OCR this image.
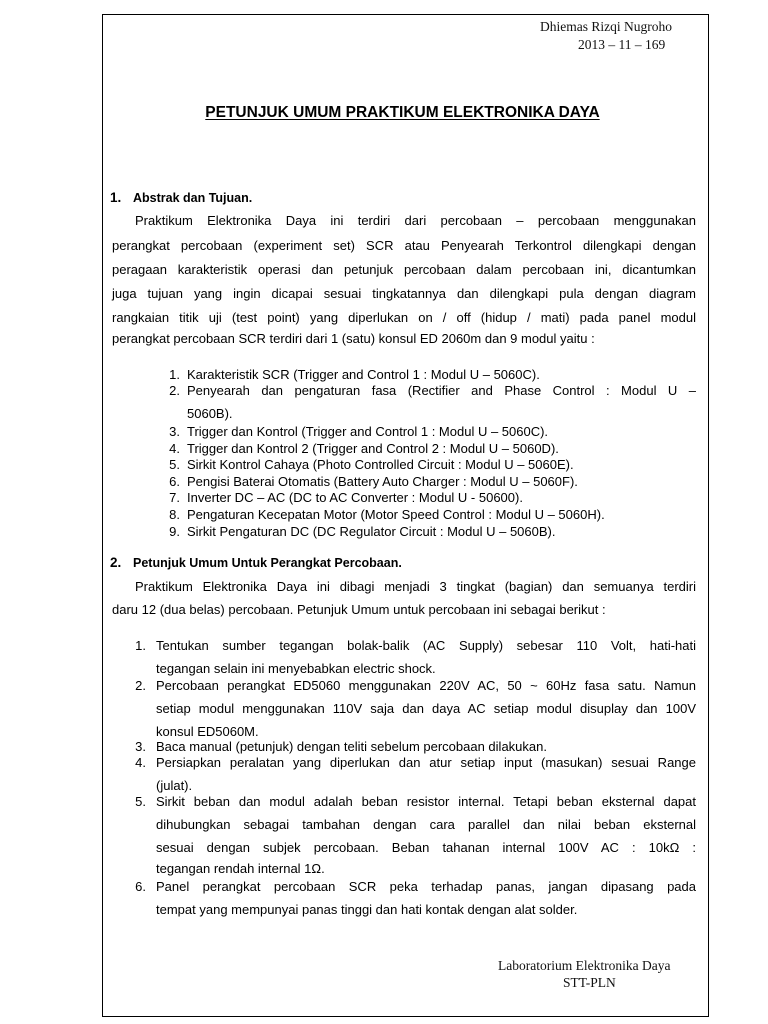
Dhiemas Rizqi Nugroho
2013 – 11 – 169
PETUNJUK UMUM PRAKTIKUM ELEKTRONIKA DAYA
1. Abstrak dan Tujuan.
Praktikum Elektronika Daya ini terdiri dari percobaan – percobaan menggunakan
perangkat percobaan (experiment set) SCR atau Penyearah Terkontrol dilengkapi dengan
peragaan karakteristik operasi dan petunjuk percobaan dalam percobaan ini, dicantumkan
juga tujuan yang ingin dicapai sesuai tingkatannya dan dilengkapi pula dengan diagram
rangkaian titik uji (test point) yang diperlukan on / off (hidup / mati) pada panel modul
perangkat percobaan SCR terdiri dari 1 (satu) konsul ED 2060m dan 9 modul yaitu :
1. Karakteristik SCR (Trigger and Control 1 : Modul U – 5060C).
2. Penyearah dan pengaturan fasa (Rectifier and Phase Control : Modul U –
5060B).
3. Trigger dan Kontrol (Trigger and Control 1 : Modul U – 5060C).
4. Trigger dan Kontrol 2 (Trigger and Control 2 : Modul U – 5060D).
5. Sirkit Kontrol Cahaya (Photo Controlled Circuit : Modul U – 5060E).
6. Pengisi Baterai Otomatis (Battery Auto Charger : Modul U – 5060F).
7. Inverter DC – AC (DC to AC Converter : Modul U - 50600).
8. Pengaturan Kecepatan Motor (Motor Speed Control : Modul U – 5060H).
9. Sirkit Pengaturan DC (DC Regulator Circuit : Modul U – 5060B).
2. Petunjuk Umum Untuk Perangkat Percobaan.
Praktikum Elektronika Daya ini dibagi menjadi 3 tingkat (bagian) dan semuanya terdiri
daru 12 (dua belas) percobaan. Petunjuk Umum untuk percobaan ini sebagai berikut :
1. Tentukan sumber tegangan bolak-balik (AC Supply) sebesar 110 Volt, hati-hati
tegangan selain ini menyebabkan electric shock.
2. Percobaan perangkat ED5060 menggunakan 220V AC, 50 ~ 60Hz fasa satu. Namun
setiap modul menggunakan 110V saja dan daya AC setiap modul disuplay dan 100V
konsul ED5060M.
3. Baca manual (petunjuk) dengan teliti sebelum percobaan dilakukan.
4. Persiapkan peralatan yang diperlukan dan atur setiap input (masukan) sesuai Range
(julat).
5. Sirkit beban dan modul adalah beban resistor internal. Tetapi beban eksternal dapat
dihubungkan sebagai tambahan dengan cara parallel dan nilai beban eksternal
sesuai dengan subjek percobaan. Beban tahanan internal 100V AC : 10kΩ :
tegangan rendah internal 1Ω.
6. Panel perangkat percobaan SCR peka terhadap panas, jangan dipasang pada
tempat yang mempunyai panas tinggi dan hati kontak dengan alat solder.
Laboratorium Elektronika Daya
STT-PLN
